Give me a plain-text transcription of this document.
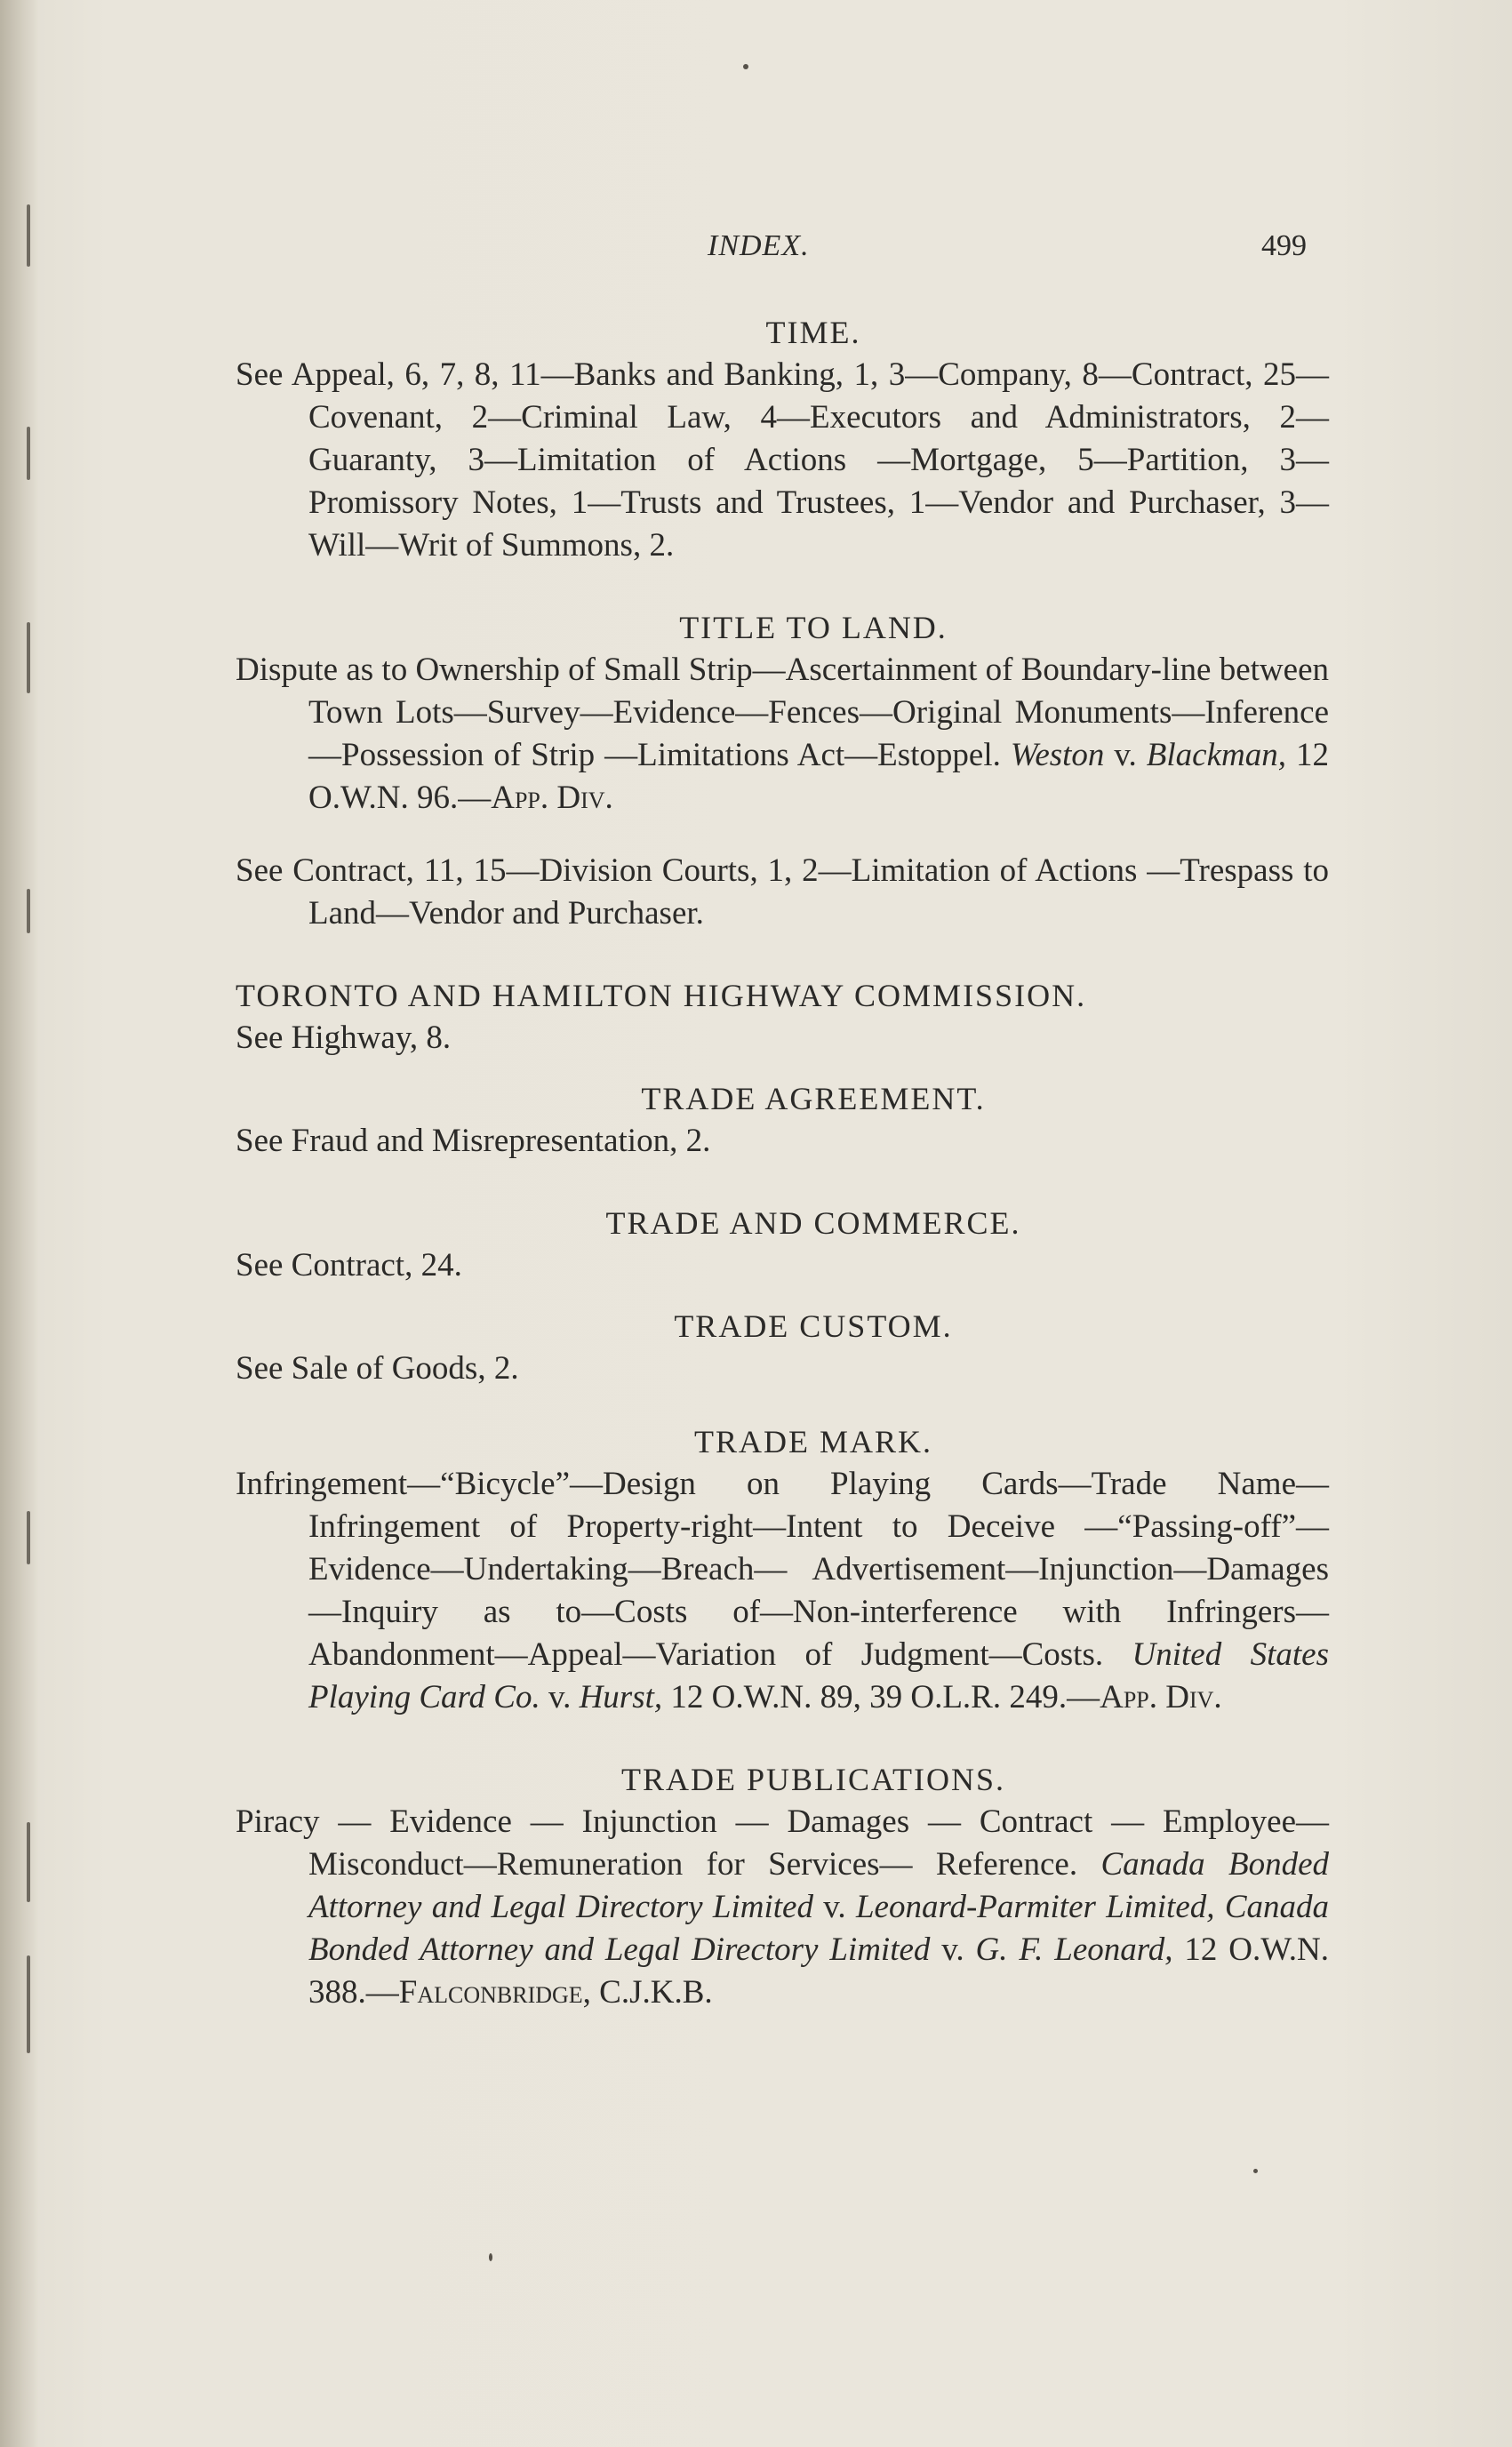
INDEX.	499

TIME.

See Appeal, 6, 7, 8, 11—Banks and Banking, 1, 3—Company, 8—Contract, 25—Covenant, 2—Criminal Law, 4—Executors and Administrators, 2—Guaranty, 3—Limitation of Actions —Mortgage, 5—Partition, 3—Promissory Notes, 1—Trusts and Trustees, 1—Vendor and Purchaser, 3—Will—Writ of Summons, 2.

TITLE TO LAND.

Dispute as to Ownership of Small Strip—Ascertainment of Boundary-line between Town Lots—Survey—Evidence—Fences—Original Monuments—Inference—Possession of Strip —Limitations Act—Estoppel. Weston v. Blackman, 12 O.W.N. 96.—App. Div.

See Contract, 11, 15—Division Courts, 1, 2—Limitation of Actions —Trespass to Land—Vendor and Purchaser.

TORONTO AND HAMILTON HIGHWAY COMMISSION.

See Highway, 8.

TRADE AGREEMENT.

See Fraud and Misrepresentation, 2.

TRADE AND COMMERCE.

See Contract, 24.

TRADE CUSTOM.

See Sale of Goods, 2.

TRADE MARK.

Infringement—“Bicycle”—Design on Playing Cards—Trade Name—Infringement of Property-right—Intent to Deceive —“Passing-off”—Evidence—Undertaking—Breach— Advertisement—Injunction—Damages—Inquiry as to—Costs of—Non-interference with Infringers—Abandonment—Appeal—Variation of Judgment—Costs. United States Playing Card Co. v. Hurst, 12 O.W.N. 89, 39 O.L.R. 249.—App. Div.

TRADE PUBLICATIONS.

Piracy — Evidence — Injunction — Damages — Contract — Employee—Misconduct—Remuneration for Services— Reference. Canada Bonded Attorney and Legal Directory Limited v. Leonard-Parmiter Limited, Canada Bonded Attorney and Legal Directory Limited v. G. F. Leonard, 12 O.W.N. 388.—Falconbridge, C.J.K.B.
